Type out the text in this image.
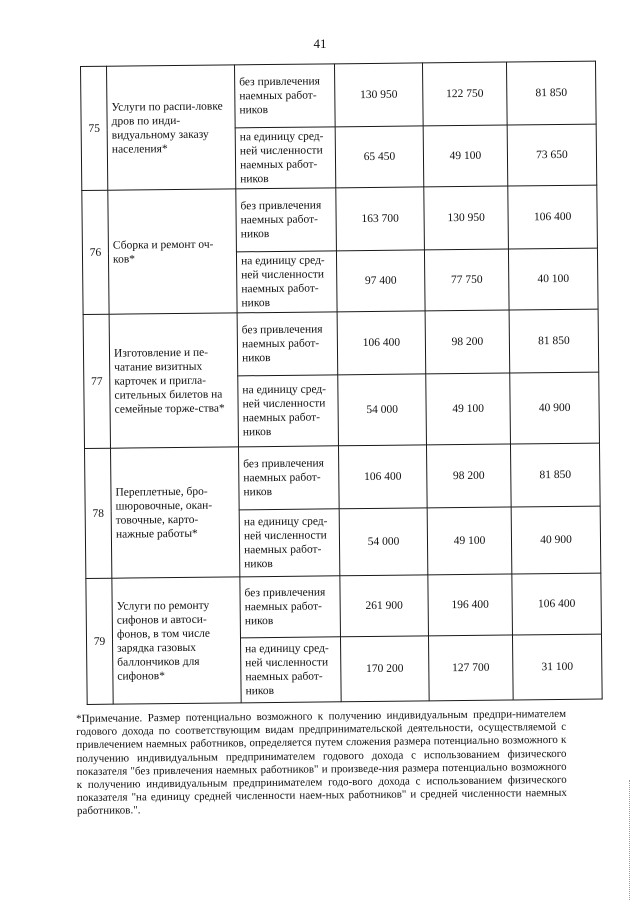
41
75	Услуги по распи-ловке дров по инди-видуальному заказу населения*	без привлечения наемных работ-ников	130 950	122 750	81 850
		на единицу сред-ней численности наемных работ-ников	65 450	49 100	73 650
76	Сборка и ремонт оч-ков*	без привлечения наемных работ-ников	163 700	130 950	106 400
		на единицу сред-ней численности наемных работ-ников	97 400	77 750	40 100
77	Изготовление и пе-чатание визитных карточек и пригла-сительных билетов на семейные торже-ства*	без привлечения наемных работ-ников	106 400	98 200	81 850
		на единицу сред-ней численности наемных работ-ников	54 000	49 100	40 900
78	Переплетные, бро-шюровочные, окан-товочные, карто-нажные работы*	без привлечения наемных работ-ников	106 400	98 200	81 850
		на единицу сред-ней численности наемных работ-ников	54 000	49 100	40 900
79	Услуги по ремонту сифонов и автоси-фонов, в том числе зарядка газовых баллончиков для сифонов*	без привлечения наемных работ-ников	261 900	196 400	106 400
		на единицу сред-ней численности наемных работ-ников	170 200	127 700	31 100
*Примечание. Размер потенциально возможного к получению индивидуальным предпри-нимателем годового дохода по соответствующим видам предпринимательской деятельности, осуществляемой с привлечением наемных работников, определяется путем сложения размера потенциально возможного к получению индивидуальным предпринимателем годового дохода с использованием физического показателя "без привлечения наемных работников" и произведе-ния размера потенциально возможного к получению индивидуальным предпринимателем годо-вого дохода с использованием физического показателя "на единицу средней численности наем-ных работников" и средней численности наемных работников.".
